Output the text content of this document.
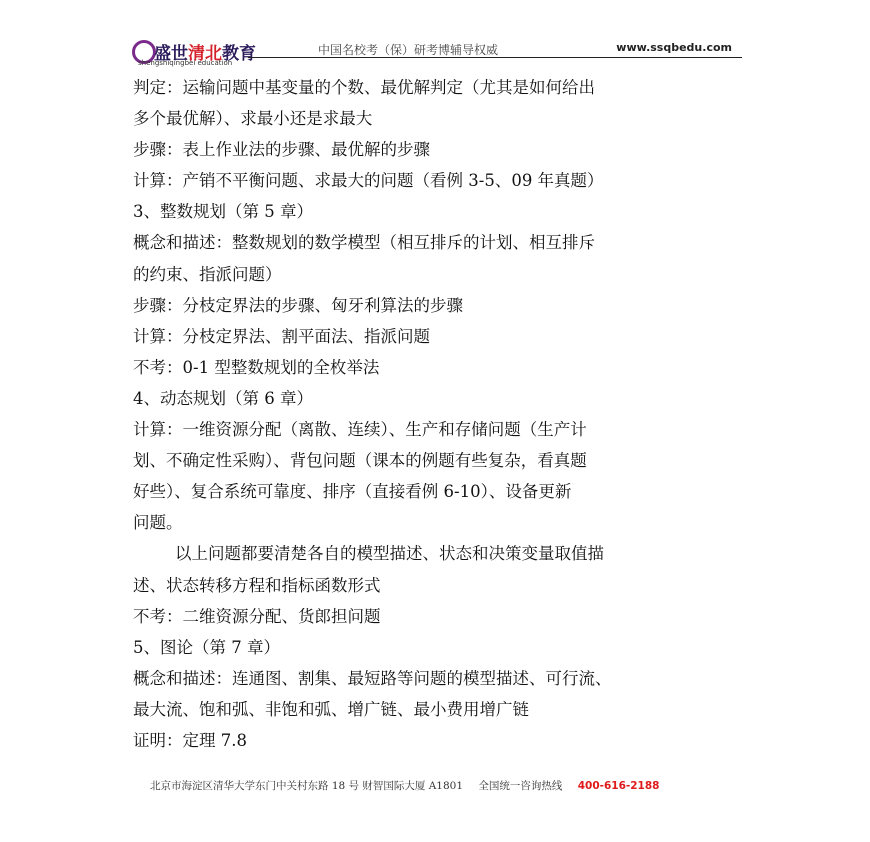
盛世清北教育
shengshiqingbei education
中国名校考（保）研考博辅导权威	www.ssqbedu.com
判定：运输问题中基变量的个数、最优解判定（尤其是如何给出
多个最优解）、求最小还是求最大
步骤：表上作业法的步骤、最优解的步骤
计算：产销不平衡问题、求最大的问题（看例 3-5、09 年真题）
3、整数规划（第 5 章）
概念和描述：整数规划的数学模型（相互排斥的计划、相互排斥
的约束、指派问题）
步骤：分枝定界法的步骤、匈牙利算法的步骤
计算：分枝定界法、割平面法、指派问题
不考：0-1 型整数规划的全枚举法
4、动态规划（第 6 章）
计算：一维资源分配（离散、连续）、生产和存储问题（生产计
划、不确定性采购）、背包问题（课本的例题有些复杂，看真题
好些）、复合系统可靠度、排序（直接看例 6-10）、设备更新
问题。
以上问题都要清楚各自的模型描述、状态和决策变量取值描
述、状态转移方程和指标函数形式
不考：二维资源分配、货郎担问题
5、图论（第 7 章）
概念和描述：连通图、割集、最短路等问题的模型描述、可行流、
最大流、饱和弧、非饱和弧、增广链、最小费用增广链
证明：定理 7.8
北京市海淀区清华大学东门中关村东路 18 号 财智国际大厦 A1801 全国统一咨询热线 400-616-2188
